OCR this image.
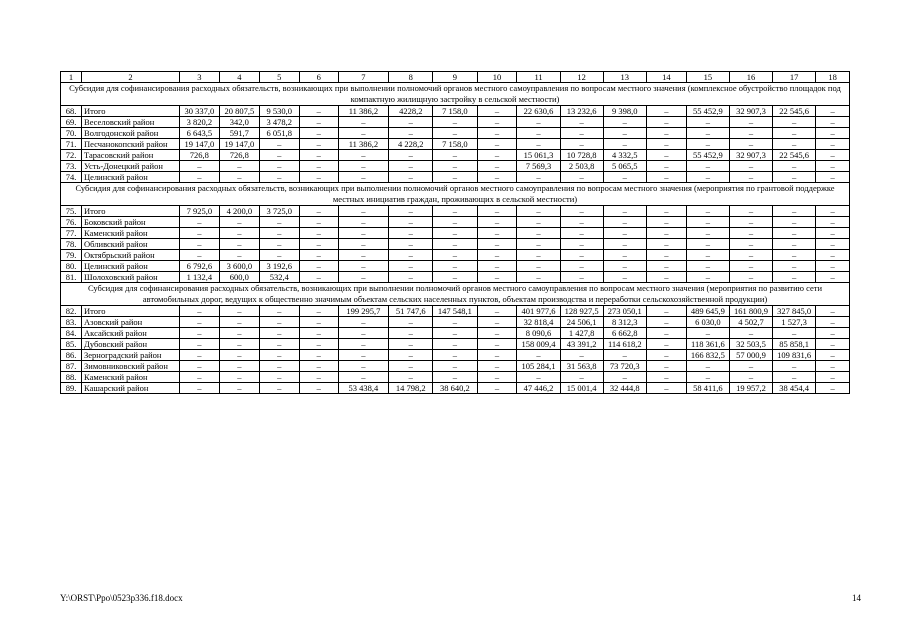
1	2	3	4	5	6	7	8	9	10	11	12	13	14	15	16	17	18
Субсидия для софинансирования расходных обязательств, возникающих при выполнении полномочий органов местного самоуправления по вопросам местного значения (комплексное обустройство площадок под компактную жилищную застройку в сельской местности)																	
68.	Итого	30 337,0	20 807,5	9 530,0	–	11 386,2	4228,2	7 158,0	–	22 630,6	13 232,6	9 398,0	–	55 452,9	32 907,3	22 545,6	–
69.	Веселовский район	3 820,2	342,0	3 478,2	–	–	–	–	–	–	–	–	–	–	–	–	–
70.	Волгодонской район	6 643,5	591,7	6 051,8	–	–	–	–	–	–	–	–	–	–	–	–	–
71.	Песчанокопский район	19 147,0	19 147,0	–	–	11 386,2	4 228,2	7 158,0	–	–	–	–	–	–	–	–	–
72.	Тарасовский район	726,8	726,8	–	–	–	–	–	–	15 061,3	10 728,8	4 332,5	–	55 452,9	32 907,3	22 545,6	–
73.	Усть-Донецкий район	–	–	–	–	–	–	–	–	7 569,3	2 503,8	5 065,5	–	–	–	–	–
74.	Целинский район	–	–	–	–	–	–	–	–	–	–	–	–	–	–	–	–
Субсидия для софинансирования расходных обязательств, возникающих при выполнении полномочий органов местного самоуправления по вопросам местного значения (мероприятия по грантовой поддержке местных инициатив граждан, проживающих в сельской местности)																	
75.	Итого	7 925,0	4 200,0	3 725,0	–	–	–	–	–	–	–	–	–	–	–	–	–
76.	Боковский район	–	–	–	–	–	–	–	–	–	–	–	–	–	–	–	–
77.	Каменский район	–	–	–	–	–	–	–	–	–	–	–	–	–	–	–	–
78.	Обливский район	–	–	–	–	–	–	–	–	–	–	–	–	–	–	–	–
79.	Октябрьский район	–	–	–	–	–	–	–	–	–	–	–	–	–	–	–	–
80.	Целинский район	6 792,6	3 600,0	3 192,6	–	–	–	–	–	–	–	–	–	–	–	–	–
81.	Шолоховский район	1 132,4	600,0	532,4	–	–	–	–	–	–	–	–	–	–	–	–	–
Субсидия для софинансирования расходных обязательств, возникающих при выполнении полномочий органов местного самоуправления по вопросам местного значения (мероприятия по развитию сети автомобильных дорог, ведущих к общественно значимым объектам сельских населенных пунктов, объектам производства и переработки сельскохозяйственной продукции)																	
82.	Итого	–	–	–	–	199 295,7	51 747,6	147 548,1	–	401 977,6	128 927,5	273 050,1	–	489 645,9	161 800,9	327 845,0	–
83.	Азовский район	–	–	–	–	–	–	–	–	32 818,4	24 506,1	8 312,3	–	6 030,0	4 502,7	1 527,3	–
84.	Аксайский район	–	–	–	–	–	–	–	–	8 090,6	1 427,8	6 662,8	–	–	–	–	–
85.	Дубовский район	–	–	–	–	–	–	–	–	158 009,4	43 391,2	114 618,2	–	118 361,6	32 503,5	85 858,1	–
86.	Зерноградский район	–	–	–	–	–	–	–	–	–	–	–	–	166 832,5	57 000,9	109 831,6	–
87.	Зимовниковский район	–	–	–	–	–	–	–	–	105 284,1	31 563,8	73 720,3	–	–	–	–	–
88.	Каменский район	–	–	–	–	–	–	–	–	–	–	–	–	–	–	–	–
89.	Кашарский район	–	–	–	–	53 438,4	14 798,2	38 640,2	–	47 446,2	15 001,4	32 444,8	–	58 411,6	19 957,2	38 454,4	–
Y:\ORST\Ppo\0523p336.f18.docx	14
